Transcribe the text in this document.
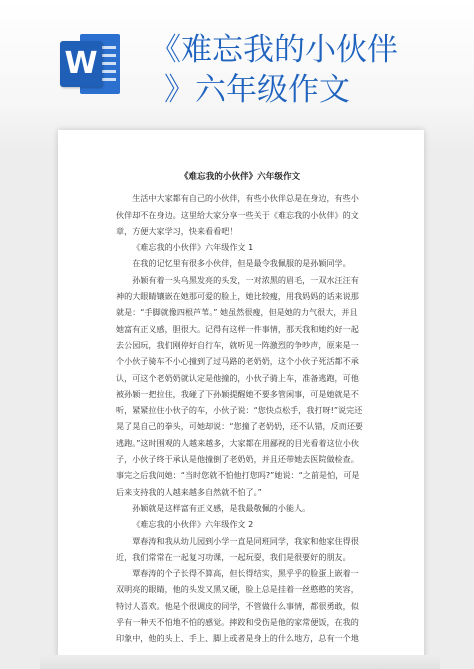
W 《难忘我的小伙伴
》六年级作文
《难忘我的小伙伴》六年级作文

生活中大家都有自己的小伙伴，有些小伙伴总是在身边，有些小伙伴却不在身边。这里给大家分享一些关于《难忘我的小伙伴》的文章，方便大家学习，快来看看吧！

《难忘我的小伙伴》六年级作文 1

在我的记忆里有很多小伙伴，但是最令我佩服的是孙颖同学。

孙颖有着一头乌黑发亮的头发，一对浓黑的眉毛，一双水汪汪有神的大眼睛镶嵌在她那可爱的脸上，她比较瘦，用我妈妈的话来说那就是：“手脚就像四根芦苇。” 她虽然很瘦，但是她的力气很大，并且她富有正义感，胆很大。记得有这样一件事情，那天我和她约好一起去公园玩，我们刚停好自行车，就听见一阵激烈的争吵声，原来是一个小伙子骑车不小心撞到了过马路的老奶奶，这个小伙子死活都不承认，可这个老奶奶就认定是他撞的，小伙子骑上车，准备逃跑，可他被孙颖一把拉住，我碰了下孙颖提醒她不要多管闲事，可是她就是不听，紧紧拉住小伙子的车，小伙子说：“您快点松手，我打呀!”说完还晃了晃自己的拳头，可她却说：“您撞了老奶奶，还不认错，反而还要逃跑。”这时围观的人越来越多，大家都在用鄙视的目光看着这位小伙子，小伙子终于承认是他撞倒了老奶奶，并且还带她去医院做检查。事完之后我问她：“当时您就不怕他打您吗?”她说：“之前是怕，可是后来支持我的人越来越多自然就不怕了。”

孙颖就是这样富有正义感，是我最敬佩的小能人。

《难忘我的小伙伴》六年级作文 2

覃春涛和我从幼儿园到小学一直是同班同学，我家和他家住得很近，我们常常在一起复习功课，一起玩耍，我们是很要好的朋友。

覃春涛的个子长得不算高，但长得结实，黑乎乎的脸蛋上嵌着一双明亮的眼睛，他的头发又黑又硬，脸上总是挂着一丝憨憨的笑容，特讨人喜欢。他是个很调皮的同学，不管做什么事情，都很勇敢，似乎有一种天不怕地不怕的感觉。摔跤和受伤是他的家常便饭，在我的印象中，他的头上、手上、脚上或者是身上的什么地方，总有一个地
